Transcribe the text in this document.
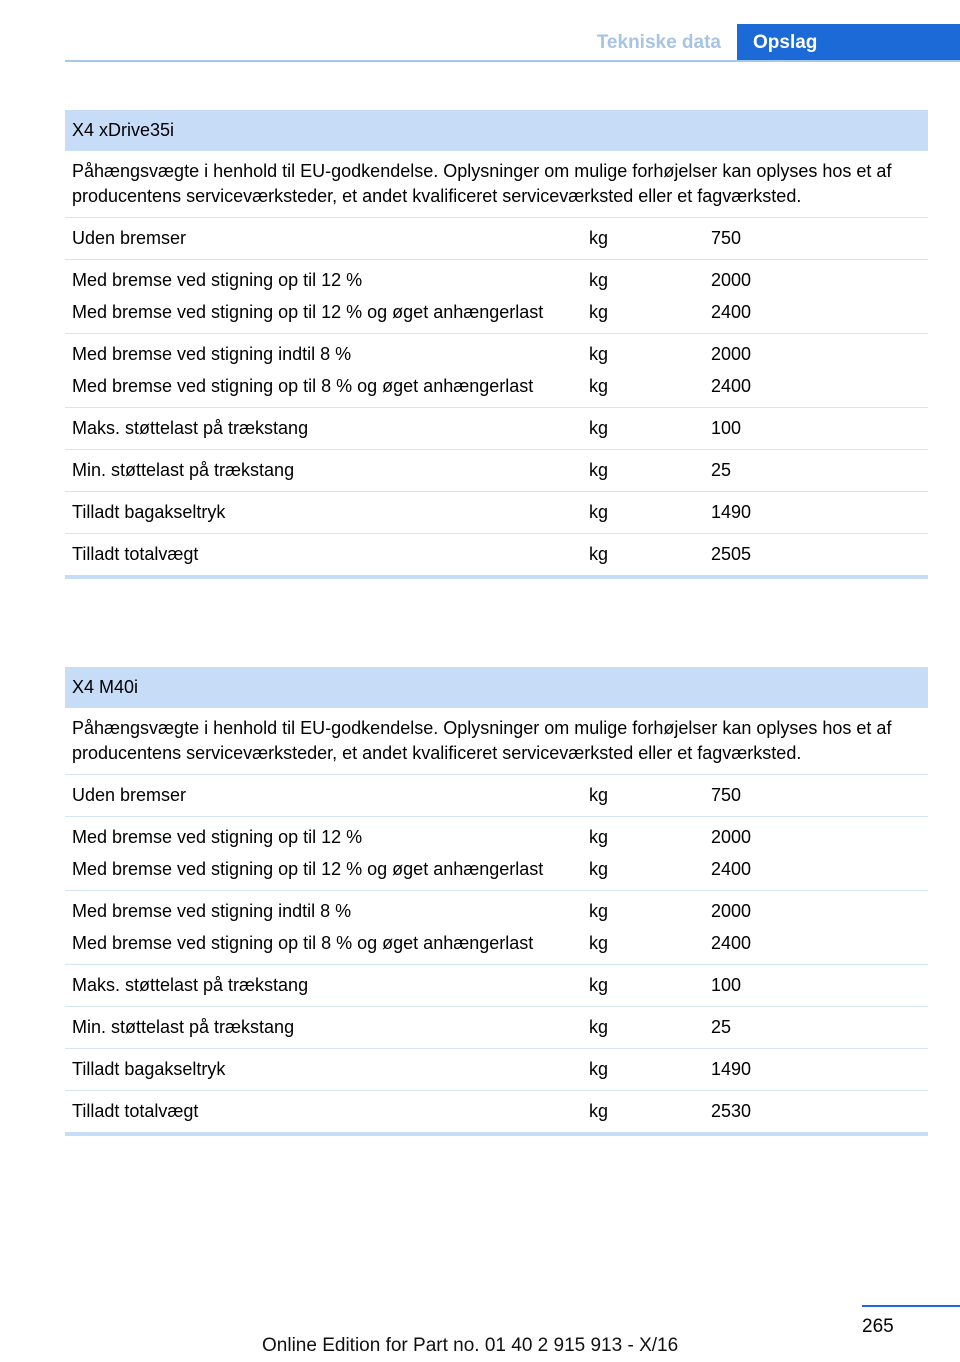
Tekniske data	Opslag
X4 xDrive35i
Påhængsvægte i henhold til EU-godkendelse. Oplysninger om mulige forhøjelser kan oplyses hos et af producentens serviceværksteder, et andet kvalificeret serviceværksted eller et fagværksted.
Uden bremser	kg	750
Med bremse ved stigning op til 12 %	kg	2000
Med bremse ved stigning op til 12 % og øget anhængerlast	kg	2400
Med bremse ved stigning indtil 8 %	kg	2000
Med bremse ved stigning op til 8 % og øget anhængerlast	kg	2400
Maks. støttelast på trækstang	kg	100
Min. støttelast på trækstang	kg	25
Tilladt bagakseltryk	kg	1490
Tilladt totalvægt	kg	2505
X4 M40i
Påhængsvægte i henhold til EU-godkendelse. Oplysninger om mulige forhøjelser kan oplyses hos et af producentens serviceværksteder, et andet kvalificeret serviceværksted eller et fagværksted.
Uden bremser	kg	750
Med bremse ved stigning op til 12 %	kg	2000
Med bremse ved stigning op til 12 % og øget anhængerlast	kg	2400
Med bremse ved stigning indtil 8 %	kg	2000
Med bremse ved stigning op til 8 % og øget anhængerlast	kg	2400
Maks. støttelast på trækstang	kg	100
Min. støttelast på trækstang	kg	25
Tilladt bagakseltryk	kg	1490
Tilladt totalvægt	kg	2530
265
Online Edition for Part no. 01 40 2 915 913 - X/16
